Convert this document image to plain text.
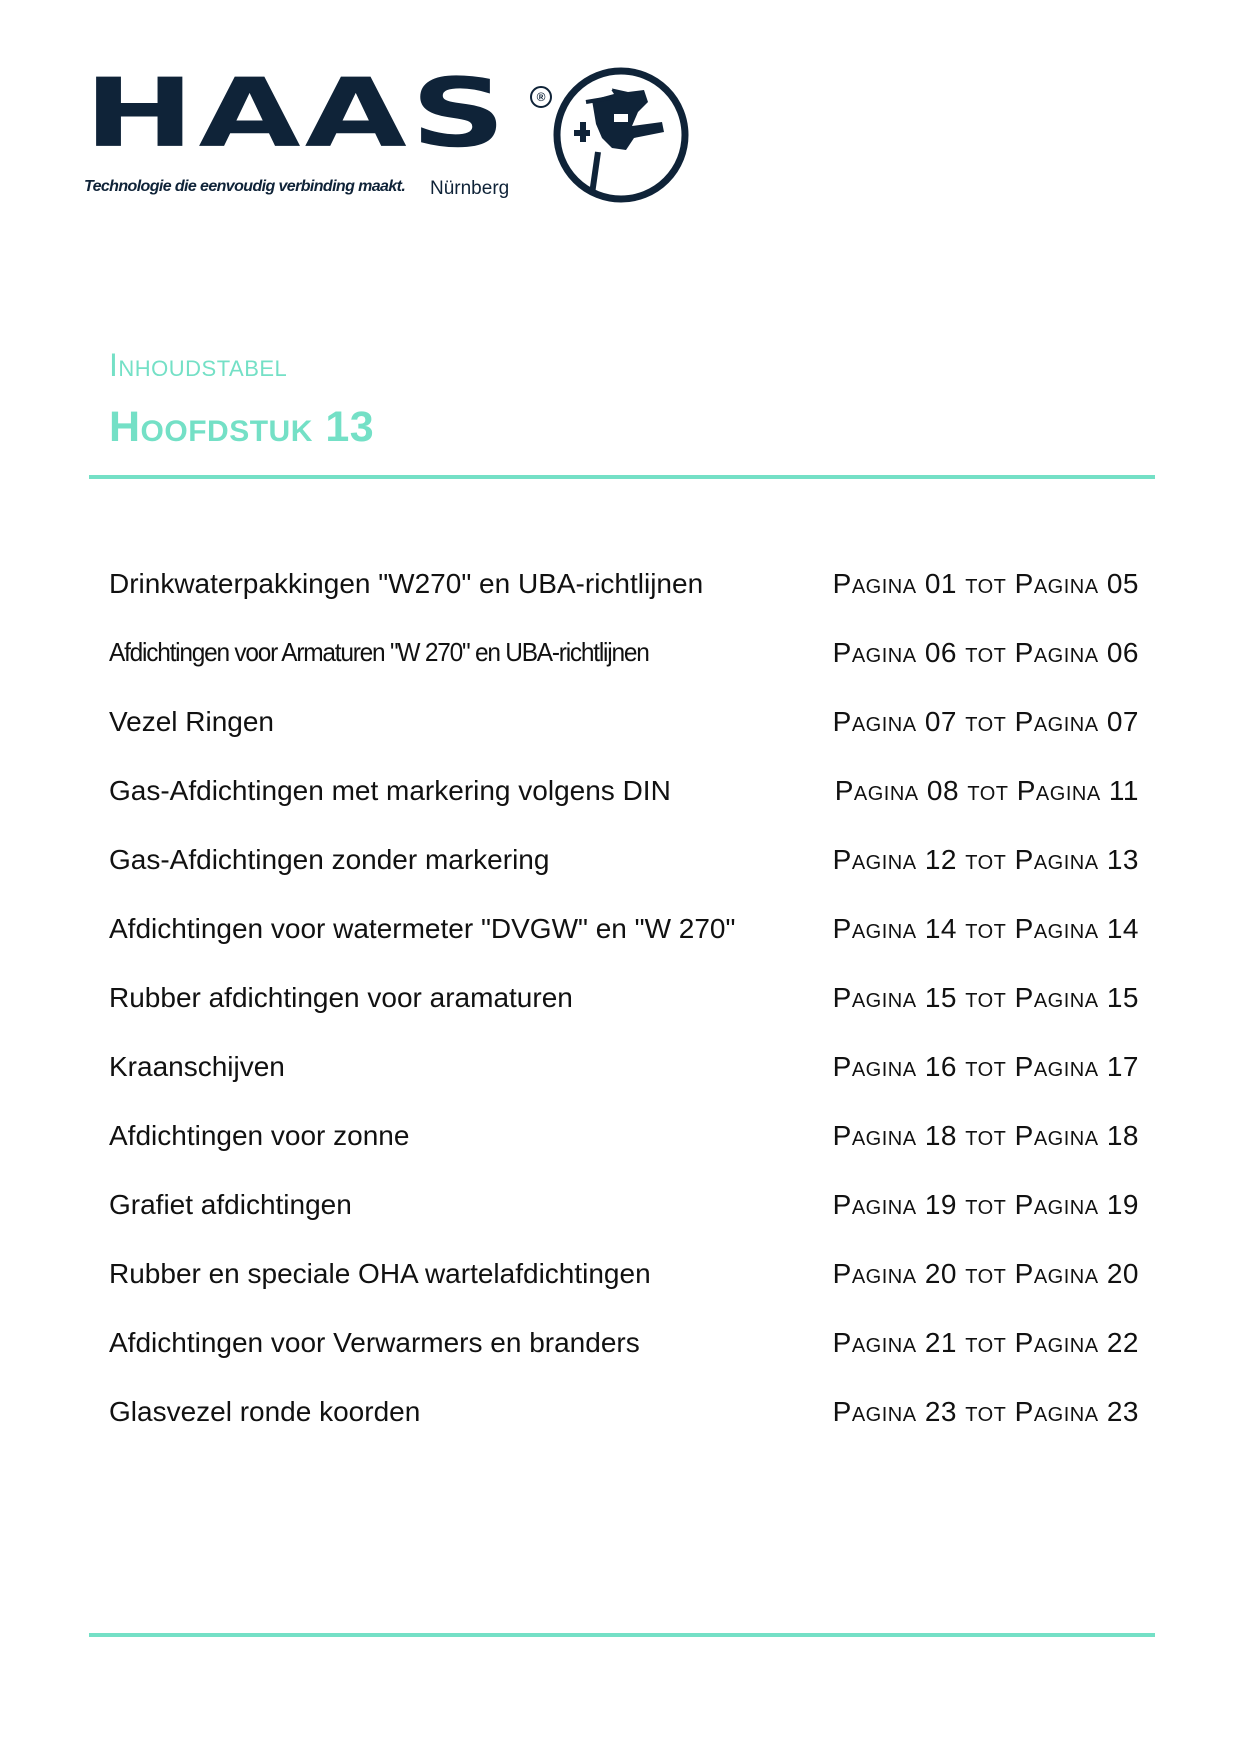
HAAS	®
Technologie die eenvoudig verbinding maakt. Nürnberg
Inhoudstabel
Hoofdstuk 13
Drinkwaterpakkingen "W270" en UBA-richtlijnen	Pagina 01 tot Pagina 05
Afdichtingen voor Armaturen "W 270" en UBA-richtlijnen	Pagina 06 tot Pagina 06
Vezel Ringen	Pagina 07 tot Pagina 07
Gas-Afdichtingen met markering volgens DIN	Pagina 08 tot Pagina 11
Gas-Afdichtingen zonder markering	Pagina 12 tot Pagina 13
Afdichtingen voor watermeter "DVGW" en "W 270"	Pagina 14 tot Pagina 14
Rubber afdichtingen voor aramaturen	Pagina 15 tot Pagina 15
Kraanschijven	Pagina 16 tot Pagina 17
Afdichtingen voor zonne	Pagina 18 tot Pagina 18
Grafiet afdichtingen	Pagina 19 tot Pagina 19
Rubber en speciale OHA wartelafdichtingen	Pagina 20 tot Pagina 20
Afdichtingen voor Verwarmers en branders	Pagina 21 tot Pagina 22
Glasvezel ronde koorden	Pagina 23 tot Pagina 23
